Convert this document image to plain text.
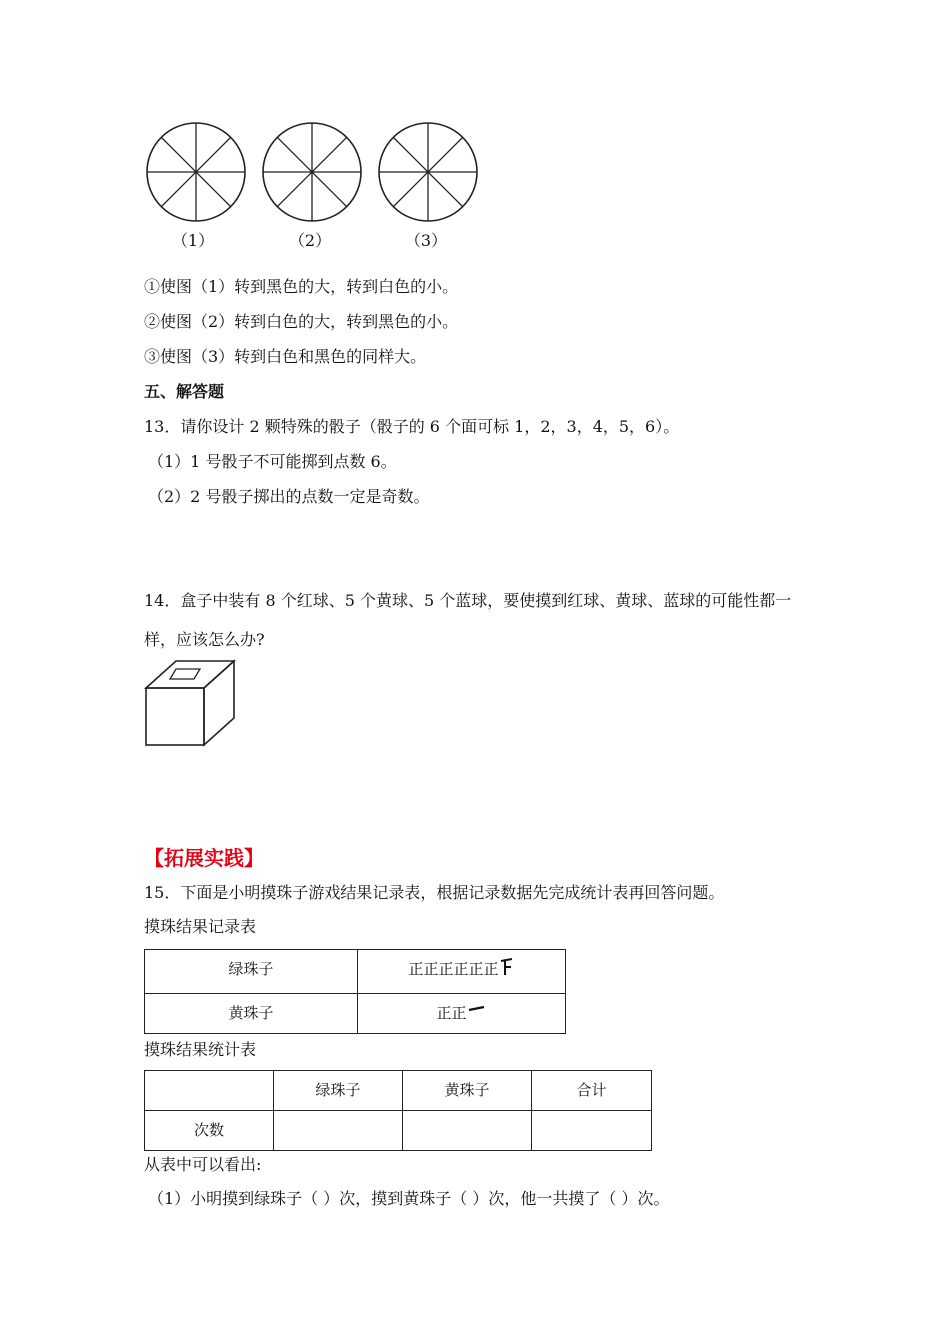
（1）	（2）	（3）
①使图（1）转到黑色的大，转到白色的小。
②使图（2）转到白色的大，转到黑色的小。
③使图（3）转到白色和黑色的同样大。
五、解答题
13．请你设计 2 颗特殊的骰子（骰子的 6 个面可标 1，2，3，4，5，6）。
（1）1 号骰子不可能掷到点数 6。
（2）2 号骰子掷出的点数一定是奇数。
14．盒子中装有 8 个红球、5 个黄球、5 个蓝球，要使摸到红球、黄球、蓝球的可能性都一
样，应该怎么办?
【拓展实践】
15．下面是小明摸珠子游戏结果记录表，根据记录数据先完成统计表再回答问题。
摸珠结果记录表
绿珠子	正正正正正正
黄珠子	正正
摸珠结果统计表
	绿珠子	黄珠子	合计
次数			
从表中可以看出:
（1）小明摸到绿珠子（ ）次，摸到黄珠子（ ）次，他一共摸了（ ）次。
